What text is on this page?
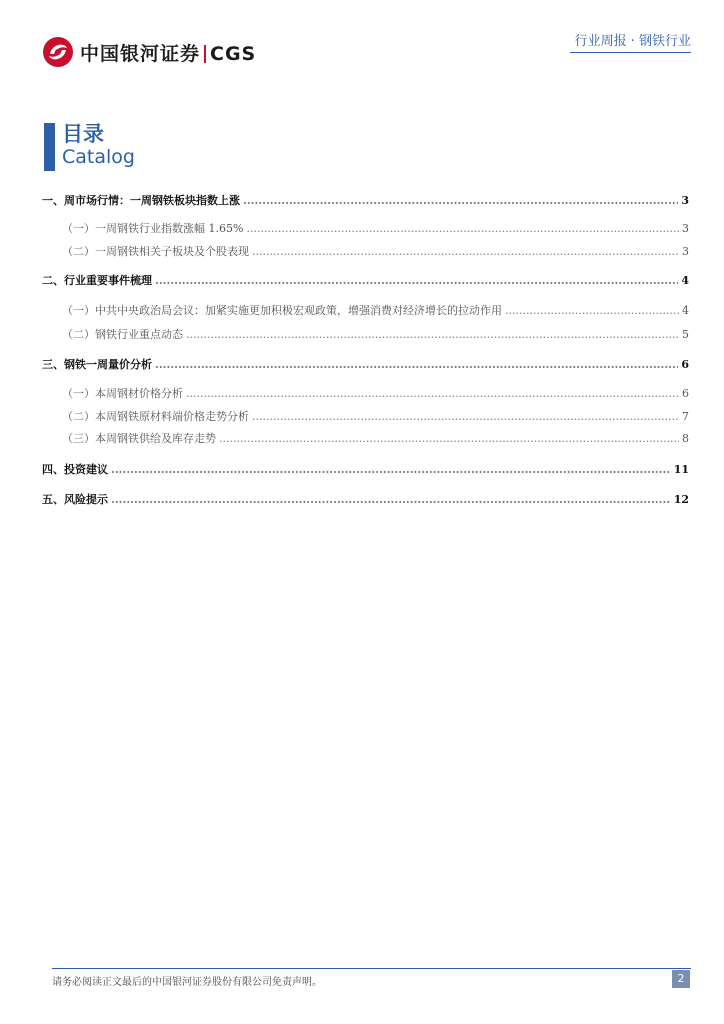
中国银河证券 CGS
行业周报 · 钢铁行业
目录
Catalog
一、 周市场行情：一周钢铁板块指数上涨 .....	3
（一） 一周钢铁行业指数涨幅 1.65% .....	3
（二） 一周钢铁相关子板块及个股表现 .....	3
二、 行业重要事件梳理 .....	4
（一） 中共中央政治局会议：加紧实施更加积极宏观政策，增强消费对经济增长的拉动作用 .....	4
（二） 钢铁行业重点动态 .....	5
三、 钢铁一周量价分析 .....	6
（一） 本周钢材价格分析 .....	6
（二） 本周钢铁原材料端价格走势分析 .....	7
（三） 本周钢铁供给及库存走势 .....	8
四、 投资建议 .....	11
五、 风险提示 .....	12
请务必阅读正文最后的中国银河证券股份有限公司免责声明。	2
